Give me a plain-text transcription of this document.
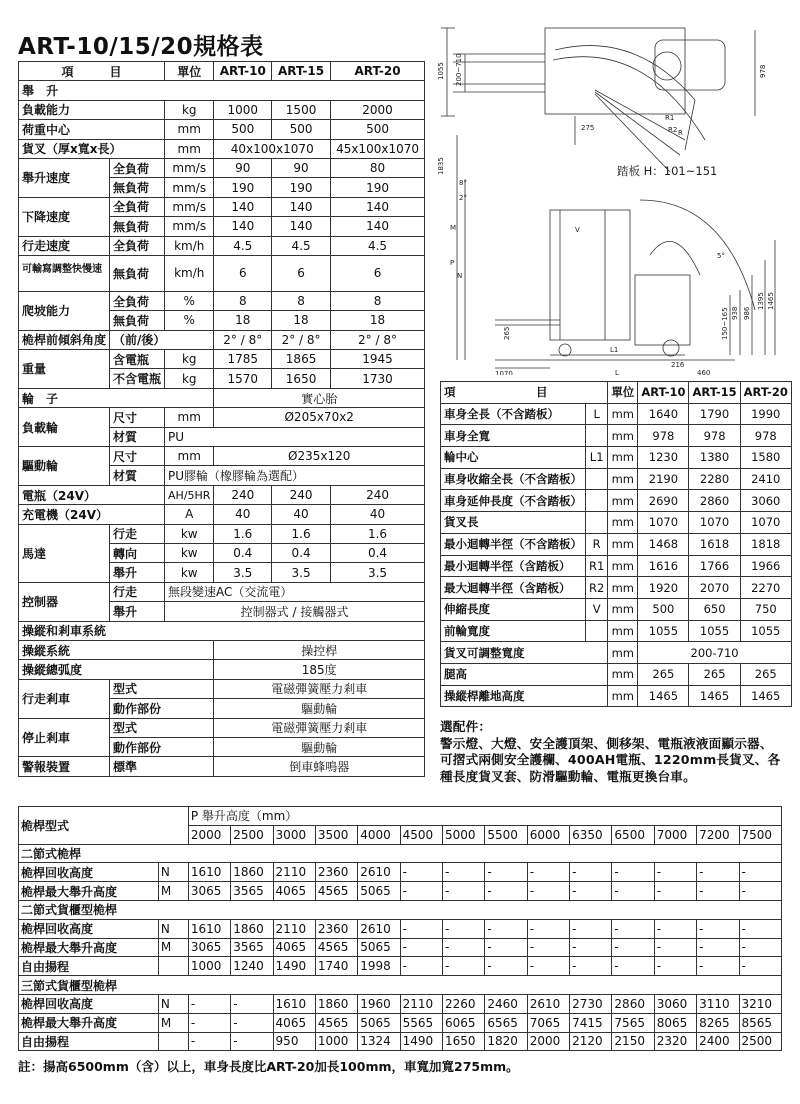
ART-10/15/20規格表
項　　　目		單位	ART-10	ART-15	ART-20
舉　升					
負載能力		kg	1000	1500	2000
荷重中心		mm	500	500	500
貨叉（厚x寬x長）		mm	40x100x1070		45x100x1070
舉升速度	全負荷	mm/s	90	90	80
	無負荷	mm/s	190	190	190
下降速度	全負荷	mm/s	140	140	140
	無負荷	mm/s	140	140	140
行走速度	全負荷	km/h	4.5	4.5	4.5
可輸寫調整快慢速	無負荷	km/h	6	6	6
爬坡能力	全負荷	%	8	8	8
	無負荷	%	18	18	18
桅桿前傾斜角度	（前/後）		2° / 8°	2° / 8°	2° / 8°
重量	含電瓶	kg	1785	1865	1945
	不含電瓶	kg	1570	1650	1730
輪　子			實心胎		
負載輪	尺寸	mm	Ø205x70x2		
	材質	PU			
驅動輪	尺寸	mm	Ø235x120		
	材質	PU膠輪（橡膠輪為選配）			
電瓶（24V）		AH/5HR	240	240	240
充電機（24V）		A	40	40	40
馬達	行走	kw	1.6	1.6	1.6
	轉向	kw	0.4	0.4	0.4
	舉升	kw	3.5	3.5	3.5
控制器	行走	無段變速AC（交流電）			
	舉升	控制器式 / 接觸器式			
操縱和剎車系統					
操縱系統			操控桿		
操縱總弧度			185度		
行走剎車	型式		電磁彈簧壓力剎車		
	動作部份		驅動輪		
停止剎車	型式		電磁彈簧壓力剎車		
	動作部份		驅動輪		
警報裝置	標準		倒車蜂鳴器		
1055 200~710	978
275
R
R1
R2
1835
8°
2°
M
P
N
265
1070	L
L1
216
460
150~165 938 986
1395 1465
5°
V
踏板 H：101~151
項　　　　　　　目		單位	ART-10	ART-15	ART-20
車身全長（不含踏板）	L	mm	1640	1790	1990
車身全寬		mm	978	978	978
輪中心	L1	mm	1230	1380	1580
車身收縮全長（不含踏板）		mm	2190	2280	2410
車身延伸長度（不含踏板）		mm	2690	2860	3060
貨叉長		mm	1070	1070	1070
最小迴轉半徑（不含踏板）	R	mm	1468	1618	1818
最小迴轉半徑（含踏板）	R1	mm	1616	1766	1966
最大迴轉半徑（含踏板）	R2	mm	1920	2070	2270
伸縮長度	V	mm	500	650	750
前輪寬度		mm	1055	1055	1055
貨叉可調整寬度		mm	200-710		
腿高		mm	265	265	265
操縱桿離地高度		mm	1465	1465	1465
選配件：
警示燈、大燈、安全護頂架、側移架、電瓶液液面顯示器、可摺式兩側安全護欄、400AH電瓶、1220mm長貨叉、各種長度貨叉套、防滑驅動輪、電瓶更換台車。
桅桿型式		P 舉升高度（mm）													
		2000	2500	3000	3500	4000	4500	5000	5500	6000	6350	6500	7000	7200	7500
二節式桅桿															
桅桿回收高度	N	1610	1860	2110	2360	2610	-	-	-	-	-	-	-	-	-
桅桿最大舉升高度	M	3065	3565	4065	4565	5065	-	-	-	-	-	-	-	-	-
二節式貨櫃型桅桿															
桅桿回收高度	N	1610	1860	2110	2360	2610	-	-	-	-	-	-	-	-	-
桅桿最大舉升高度	M	3065	3565	4065	4565	5065	-	-	-	-	-	-	-	-	-
自由揚程		1000	1240	1490	1740	1998	-	-	-	-	-	-	-	-	-
三節式貨櫃型桅桿															
桅桿回收高度	N	-	-	1610	1860	1960	2110	2260	2460	2610	2730	2860	3060	3110	3210
桅桿最大舉升高度	M	-	-	4065	4565	5065	5565	6065	6565	7065	7415	7565	8065	8265	8565
自由揚程		-	-	950	1000	1324	1490	1650	1820	2000	2120	2150	2320	2400	2500
註：揚高6500mm（含）以上，車身長度比ART-20加長100mm，車寬加寬275mm。
